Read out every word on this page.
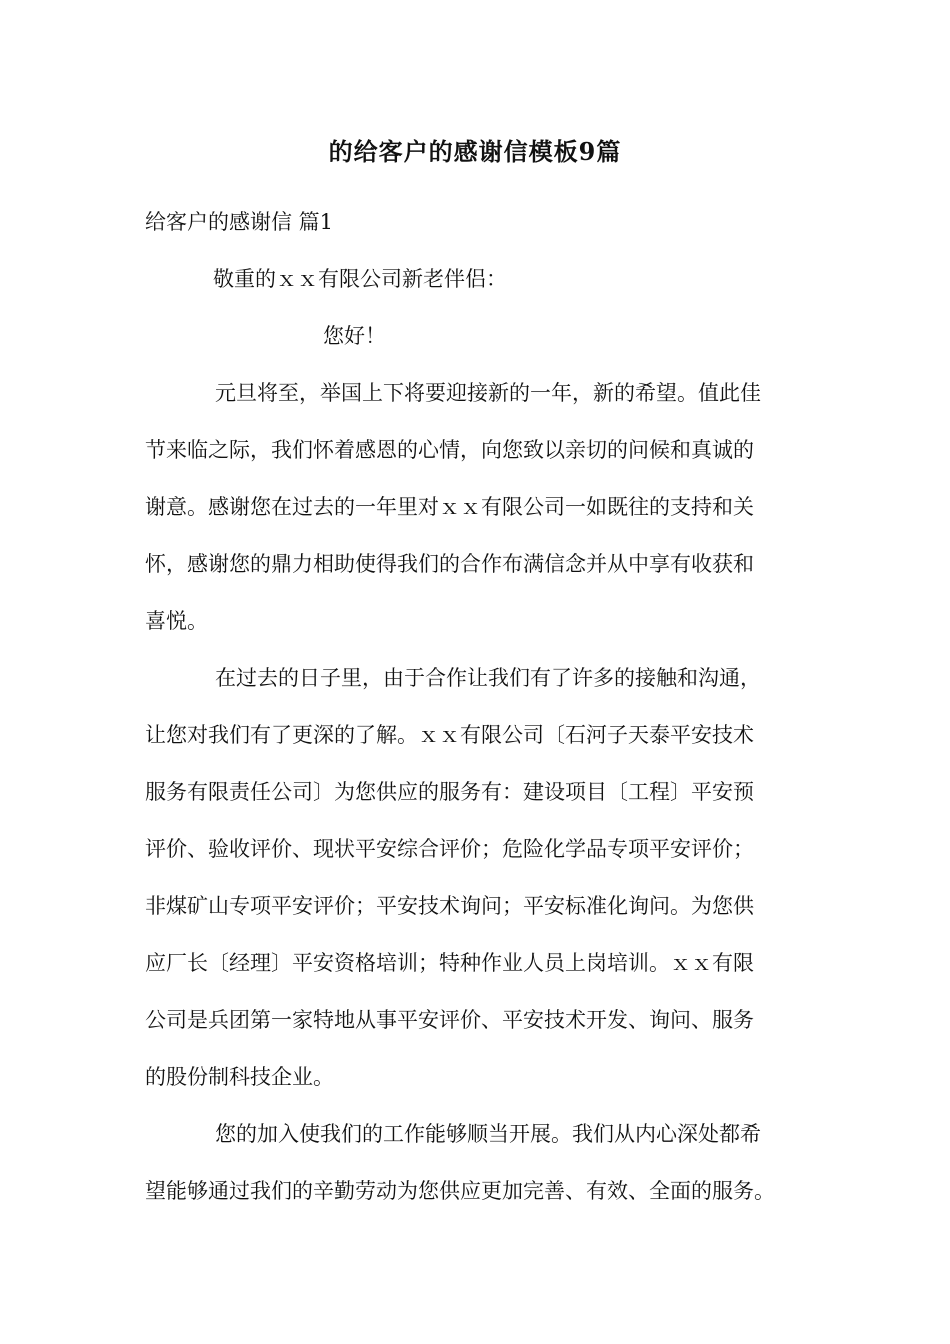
的给客户的感谢信模板9篇
给客户的感谢信 篇1
敬重的ｘｘ有限公司新老伴侣：
您好！
元旦将至，举国上下将要迎接新的一年，新的希望。值此佳
节来临之际，我们怀着感恩的心情，向您致以亲切的问候和真诚的
谢意。感谢您在过去的一年里对ｘｘ有限公司一如既往的支持和关
怀，感谢您的鼎力相助使得我们的合作布满信念并从中享有收获和
喜悦。
在过去的日子里，由于合作让我们有了许多的接触和沟通，
让您对我们有了更深的了解。ｘｘ有限公司〔石河子天泰平安技术
服务有限责任公司〕为您供应的服务有：建设项目〔工程〕平安预
评价、验收评价、现状平安综合评价；危险化学品专项平安评价；
非煤矿山专项平安评价；平安技术询问；平安标准化询问。为您供
应厂长〔经理〕平安资格培训；特种作业人员上岗培训。ｘｘ有限
公司是兵团第一家特地从事平安评价、平安技术开发、询问、服务
的股份制科技企业。
您的加入使我们的工作能够顺当开展。我们从内心深处都希
望能够通过我们的辛勤劳动为您供应更加完善、有效、全面的服务。
